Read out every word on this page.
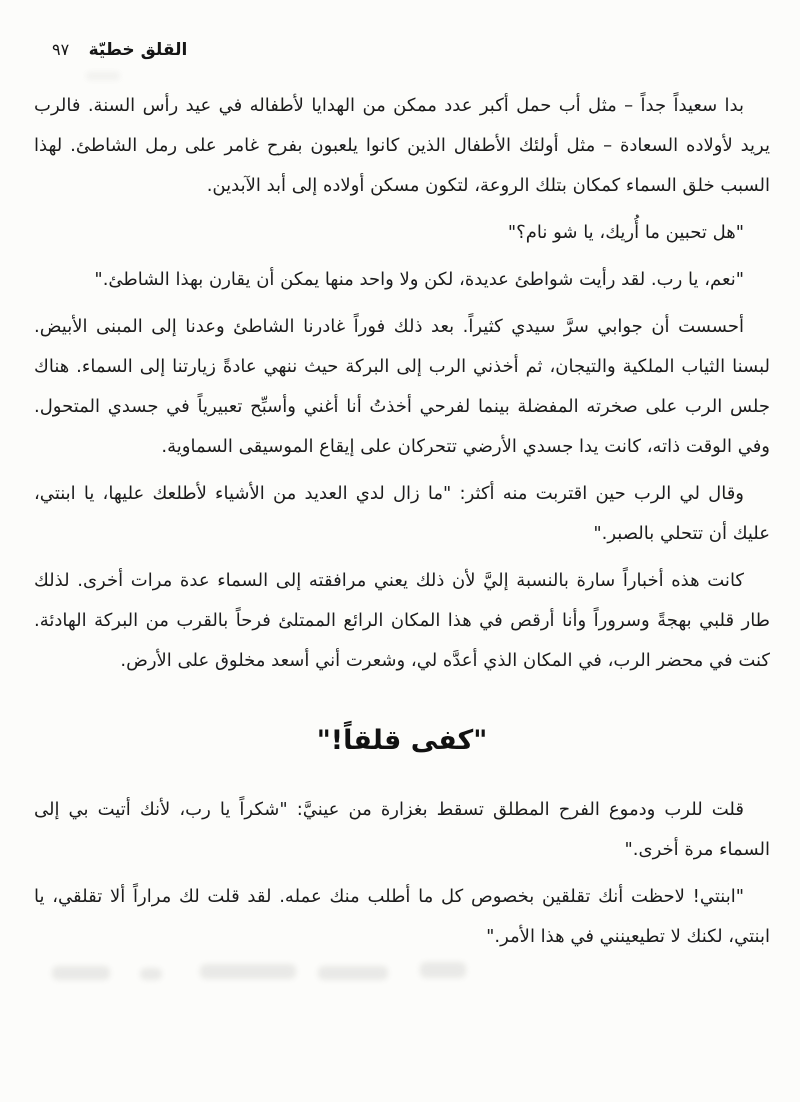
القلق خطيّة ٩٧

بدا سعيداً جداً – مثل أب حمل أكبر عدد ممكن من الهدايا لأطفاله في عيد رأس السنة. فالرب يريد لأولاده السعادة – مثل أولئك الأطفال الذين كانوا يلعبون بفرح غامر على رمل الشاطئ. لهذا السبب خلق السماء كمكان بتلك الروعة، لتكون مسكن أولاده إلى أبد الآبدين.

"هل تحبين ما أُريك، يا شو نام؟"

"نعم، يا رب. لقد رأيت شواطئ عديدة، لكن ولا واحد منها يمكن أن يقارن بهذا الشاطئ."

أحسست أن جوابي سرَّ سيدي كثيراً. بعد ذلك فوراً غادرنا الشاطئ وعدنا إلى المبنى الأبيض. لبسنا الثياب الملكية والتيجان، ثم أخذني الرب إلى البركة حيث ننهي عادةً زيارتنا إلى السماء. هناك جلس الرب على صخرته المفضلة بينما لفرحي أخذتُ أنا أغني وأسبِّح تعبيرياً في جسدي المتحول. وفي الوقت ذاته، كانت يدا جسدي الأرضي تتحركان على إيقاع الموسيقى السماوية.

وقال لي الرب حين اقتربت منه أكثر: "ما زال لدي العديد من الأشياء لأطلعك عليها، يا ابنتي، عليك أن تتحلي بالصبر."

كانت هذه أخباراً سارة بالنسبة إليَّ لأن ذلك يعني مرافقته إلى السماء عدة مرات أخرى. لذلك طار قلبي بهجةً وسروراً وأنا أرقص في هذا المكان الرائع الممتلئ فرحاً بالقرب من البركة الهادئة. كنت في محضر الرب، في المكان الذي أعدَّه لي، وشعرت أني أسعد مخلوق على الأرض.

"كفى قلقاً!"

قلت للرب ودموع الفرح المطلق تسقط بغزارة من عينيَّ: "شكراً يا رب، لأنك أتيت بي إلى السماء مرة أخرى."

"ابنتي! لاحظت أنك تقلقين بخصوص كل ما أطلب منك عمله. لقد قلت لك مراراً ألا تقلقي، يا ابنتي، لكنك لا تطيعينني في هذا الأمر."
